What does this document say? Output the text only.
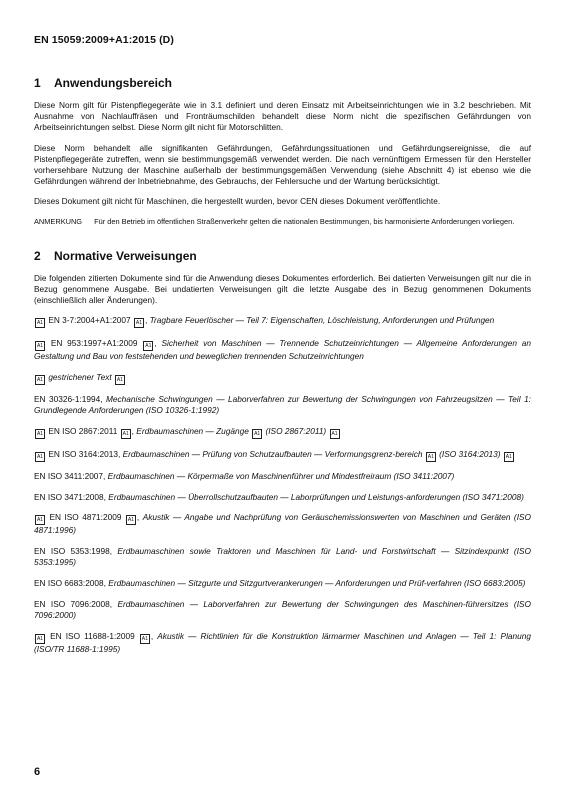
EN 15059:2009+A1:2015 (D)
1	Anwendungsbereich

Diese Norm gilt für Pistenpflegegeräte wie in 3.1 definiert und deren Einsatz mit Arbeitseinrichtungen wie in 3.2 beschrieben. Mit Ausnahme von Nachlauffräsen und Fronträumschilden behandelt diese Norm nicht die spezifischen Gefährdungen von Arbeitseinrichtungen selbst. Diese Norm gilt nicht für Motorschlitten.

Diese Norm behandelt alle signifikanten Gefährdungen, Gefährdungssituationen und Gefährdungsereignisse, die auf Pistenpflegegeräte zutreffen, wenn sie bestimmungsgemäß verwendet werden. Die nach vernünftigem Ermessen für den Hersteller vorhersehbare Nutzung der Maschine außerhalb der bestimmungsgemäßen Verwendung (siehe Abschnitt 4) ist ebenso wie die Gefährdungen während der Inbetriebnahme, des Gebrauchs, der Fehlersuche und der Wartung berücksichtigt.

Dieses Dokument gilt nicht für Maschinen, die hergestellt wurden, bevor CEN dieses Dokument veröffentlichte.

ANMERKUNG Für den Betrieb im öffentlichen Straßenverkehr gelten die nationalen Bestimmungen, bis harmonisierte Anforderungen vorliegen.

2	Normative Verweisungen

Die folgenden zitierten Dokumente sind für die Anwendung dieses Dokumentes erforderlich. Bei datierten Verweisungen gilt nur die in Bezug genommene Ausgabe. Bei undatierten Verweisungen gilt die letzte Ausgabe des in Bezug genommenen Dokuments (einschließlich aller Änderungen).

A1 EN 3-7:2004+A1:2007 A1 , Tragbare Feuerlöscher — Teil 7: Eigenschaften, Löschleistung, Anforderungen und Prüfungen
A1 EN 953:1997+A1:2009 A1 , Sicherheit von Maschinen — Trennende Schutzeinrichtungen — Allgemeine Anforderungen an Gestaltung und Bau von feststehenden und beweglichen trennenden Schutzeinrichtungen
A1 gestrichener Text A1
EN 30326-1:1994, Mechanische Schwingungen — Laborverfahren zur Bewertung der Schwingungen von Fahrzeugsitzen — Teil 1: Grundlegende Anforderungen (ISO 10326-1:1992)
A1 EN ISO 2867:2011 A1 , Erdbaumaschinen — Zugänge A1 (ISO 2867:2011) A1
A1 EN ISO 3164:2013, Erdbaumaschinen — Prüfung von Schutzaufbauten — Verformungsgrenz-bereich A1 (ISO 3164:2013) A1
EN ISO 3411:2007, Erdbaumaschinen — Körpermaße von Maschinenführer und Mindestfreiraum (ISO 3411:2007)
EN ISO 3471:2008, Erdbaumaschinen — Überrollschutzaufbauten — Laborprüfungen und Leistungs-anforderungen (ISO 3471:2008)
A1 EN ISO 4871:2009 A1 , Akustik — Angabe und Nachprüfung von Geräuschemissionswerten von Maschinen und Geräten (ISO 4871:1996)
EN ISO 5353:1998, Erdbaumaschinen sowie Traktoren und Maschinen für Land- und Forstwirtschaft — Sitzindexpunkt (ISO 5353:1995)
EN ISO 6683:2008, Erdbaumaschinen — Sitzgurte und Sitzgurtverankerungen — Anforderungen und Prüf-verfahren (ISO 6683:2005)
EN ISO 7096:2008, Erdbaumaschinen — Laborverfahren zur Bewertung der Schwingungen des Maschinen-führersitzes (ISO 7096:2000)
A1 EN ISO 11688-1:2009 A1 , Akustik — Richtlinien für die Konstruktion lärmarmer Maschinen und Anlagen — Teil 1: Planung (ISO/TR 11688-1:1995)
6
